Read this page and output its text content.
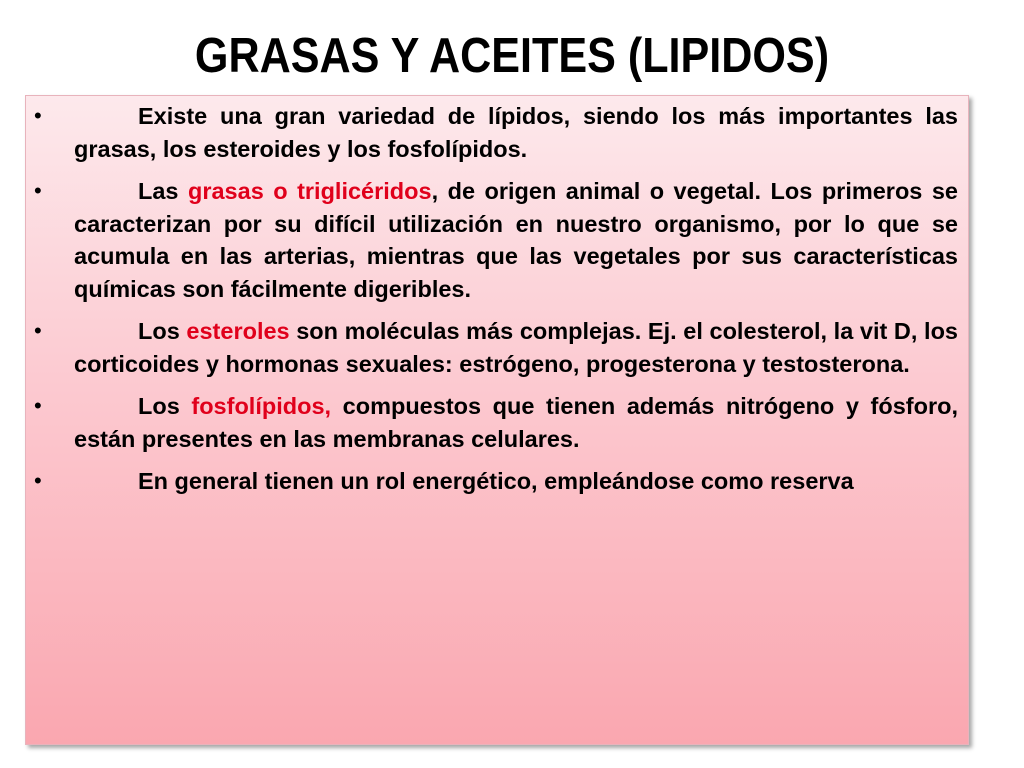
GRASAS Y ACEITES (LIPIDOS)
•	Existe una gran variedad de lípidos, siendo los más importantes las grasas, los esteroides y los fosfolípidos.
•	Las grasas o triglicéridos, de origen animal o vegetal. Los primeros se caracterizan por su difícil utilización en nuestro organismo, por lo que se acumula en las arterias, mientras que las vegetales por sus características químicas son fácilmente digeribles.
•	Los esteroles son moléculas más complejas. Ej. el colesterol, la vit D, los corticoides y hormonas sexuales: estrógeno, progesterona y testosterona.
•	Los fosfolípidos, compuestos que tienen además nitrógeno y fósforo, están presentes en las membranas celulares.
•	En general tienen un rol energético, empleándose como reserva
